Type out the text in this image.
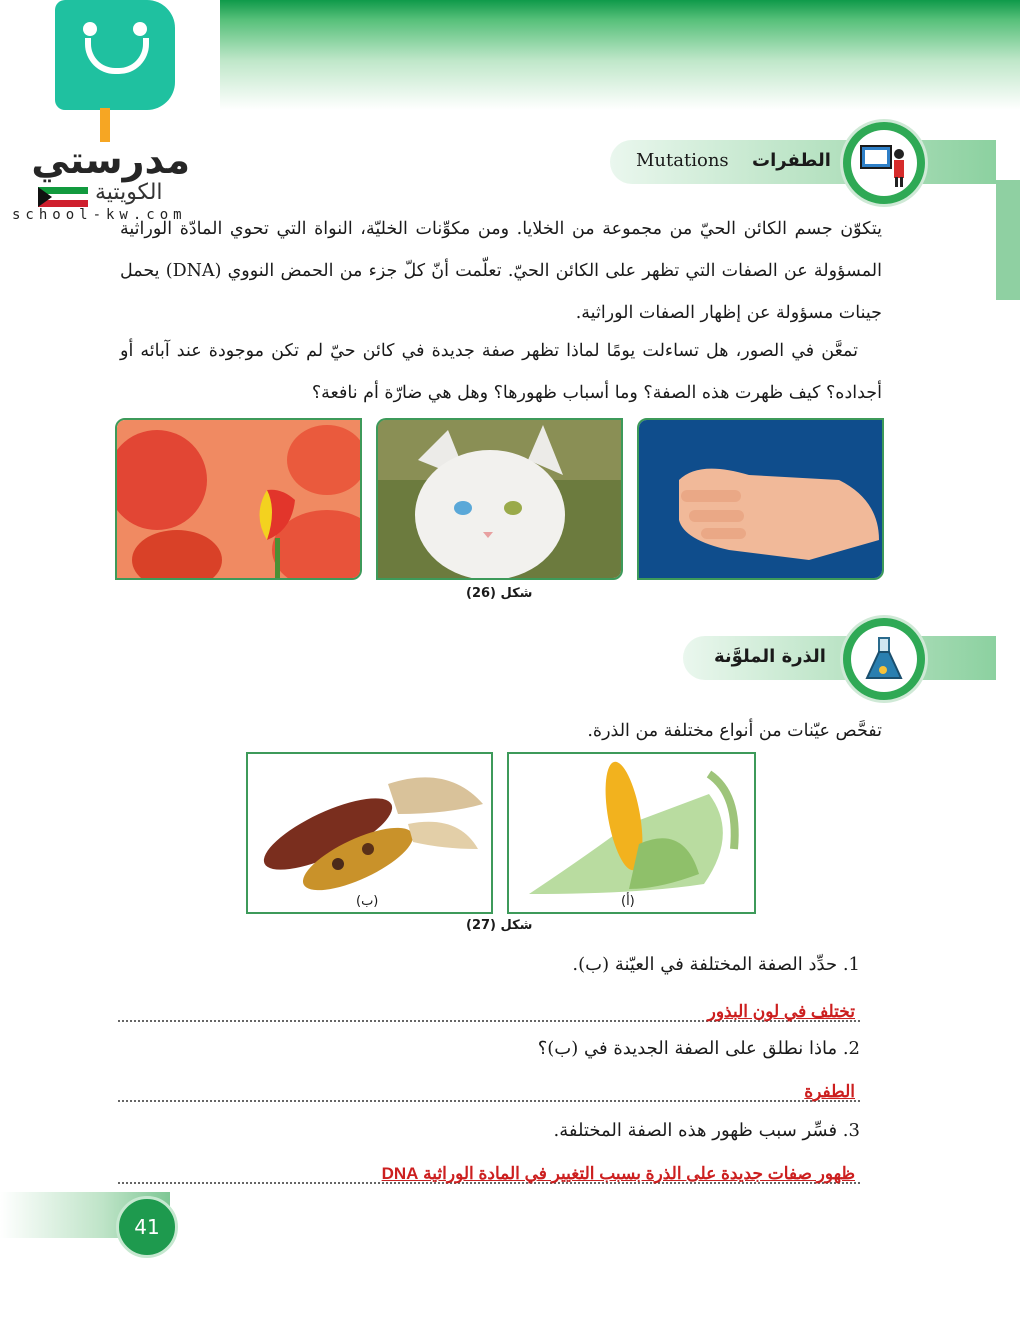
مدرستي
الكويتية
school-kw.com
الطفرات
Mutations
يتكوّن جسم الكائن الحيّ من مجموعة من الخلايا. ومن مكوِّنات الخليّة، النواة التي تحوي المادّة الوراثية المسؤولة عن الصفات التي تظهر على الكائن الحيّ. تعلّمت أنّ كلّ جزء من الحمض النووي (DNA) يحمل جينات مسؤولة عن إظهار الصفات الوراثية.
تمعَّن في الصور، هل تساءلت يومًا لماذا تظهر صفة جديدة في كائن حيّ لم تكن موجودة عند آبائه أو أجداده؟ كيف ظهرت هذه الصفة؟ وما أسباب ظهورها؟ وهل هي ضارّة أم نافعة؟
شكل (26)
الذرة الملوَّنة
تفحَّص عيّنات من أنواع مختلفة من الذرة.
(ب)	(أ)
شكل (27)
1. حدِّد الصفة المختلفة في العيّنة (ب).
تختلف في لون البذور
2. ماذا نطلق على الصفة الجديدة في (ب)؟
الطفرة
3. فسِّر سبب ظهور هذه الصفة المختلفة.
ظهور صفات جديدة على الذرة بسبب التغيير في المادة الوراثية DNA
41
